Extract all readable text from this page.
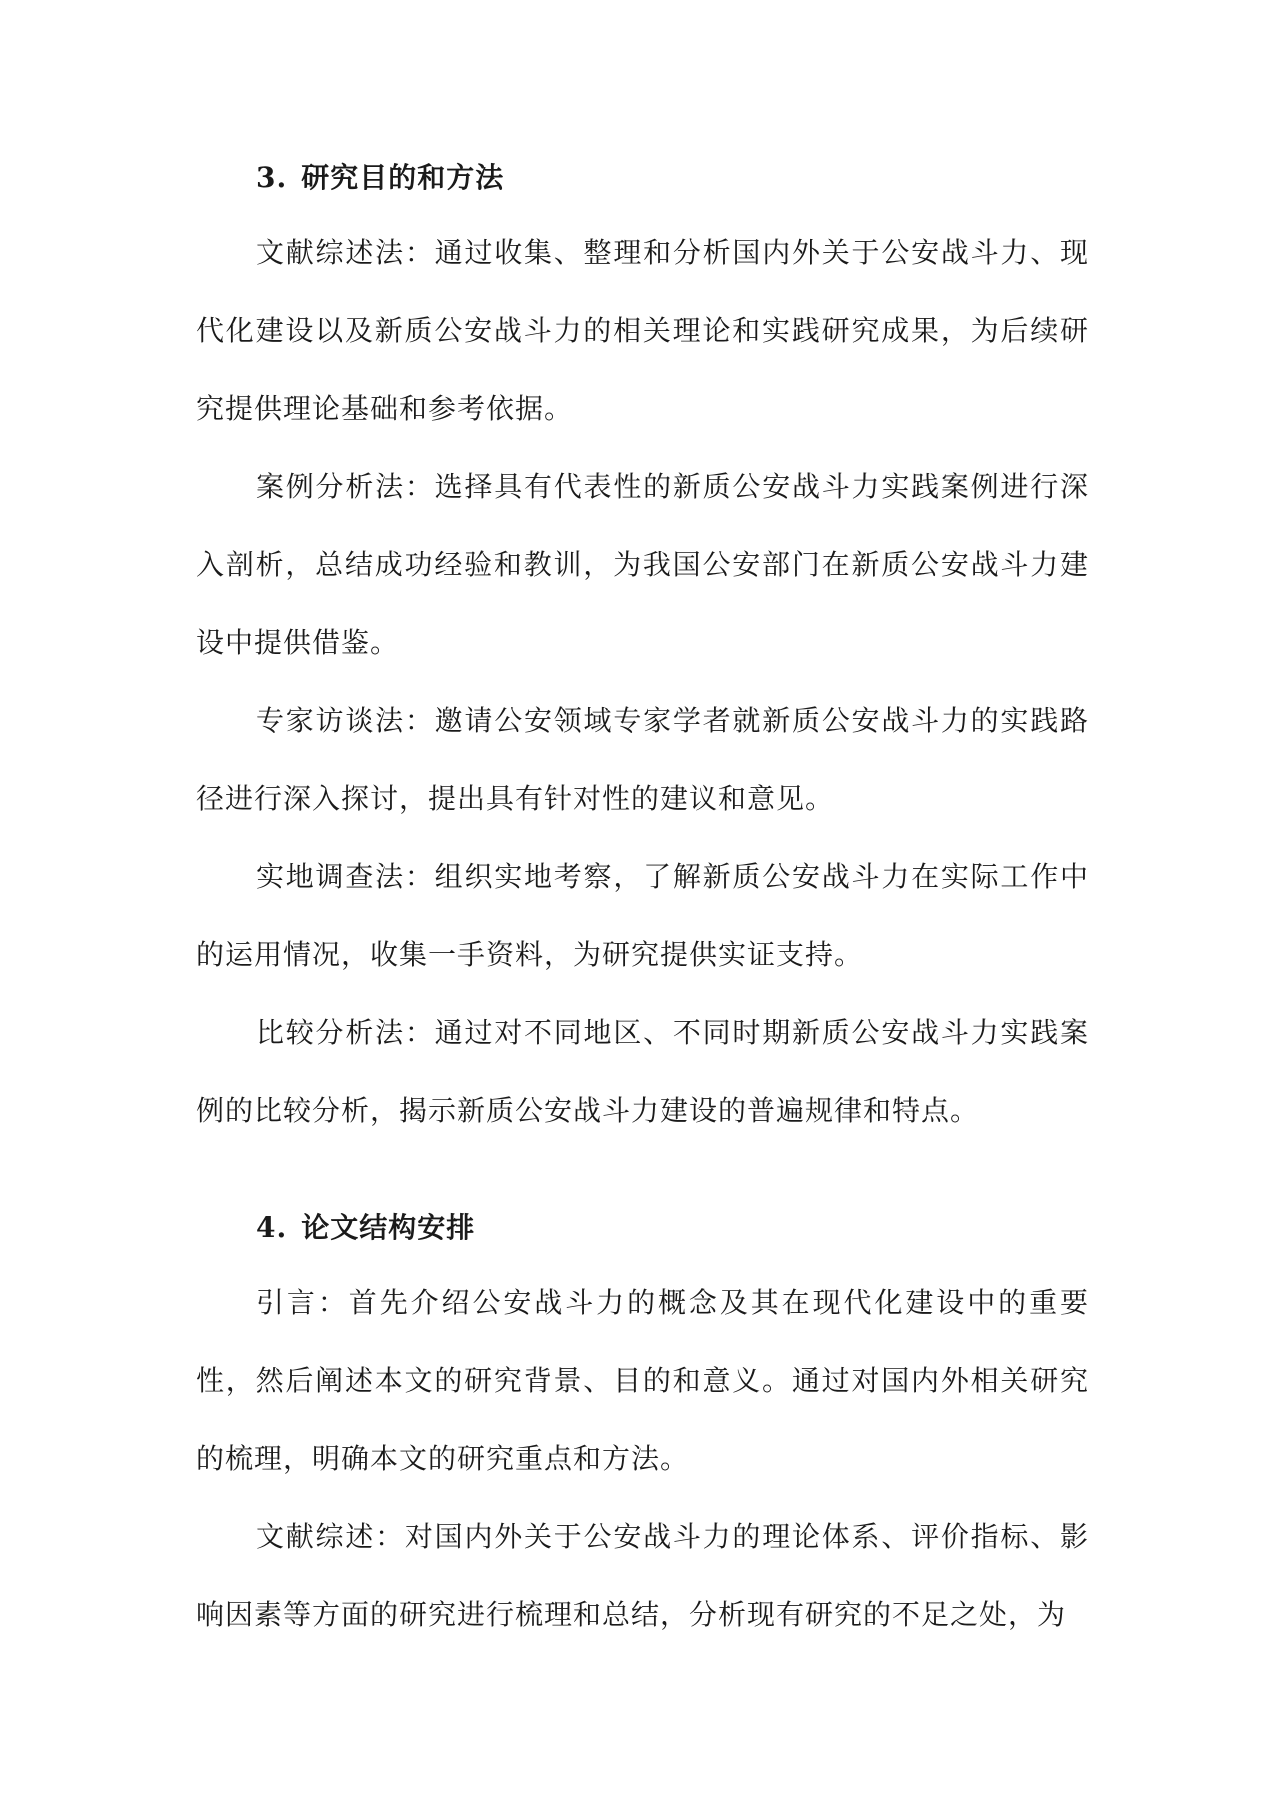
3. 研究目的和方法

文献综述法：通过收集、整理和分析国内外关于公安战斗力、现代化建设以及新质公安战斗力的相关理论和实践研究成果，为后续研究提供理论基础和参考依据。

案例分析法：选择具有代表性的新质公安战斗力实践案例进行深入剖析，总结成功经验和教训，为我国公安部门在新质公安战斗力建设中提供借鉴。

专家访谈法：邀请公安领域专家学者就新质公安战斗力的实践路径进行深入探讨，提出具有针对性的建议和意见。

实地调查法：组织实地考察，了解新质公安战斗力在实际工作中的运用情况，收集一手资料，为研究提供实证支持。

比较分析法：通过对不同地区、不同时期新质公安战斗力实践案例的比较分析，揭示新质公安战斗力建设的普遍规律和特点。

4. 论文结构安排

引言：首先介绍公安战斗力的概念及其在现代化建设中的重要性，然后阐述本文的研究背景、目的和意义。通过对国内外相关研究的梳理，明确本文的研究重点和方法。

文献综述：对国内外关于公安战斗力的理论体系、评价指标、影响因素等方面的研究进行梳理和总结，分析现有研究的不足之处，为
